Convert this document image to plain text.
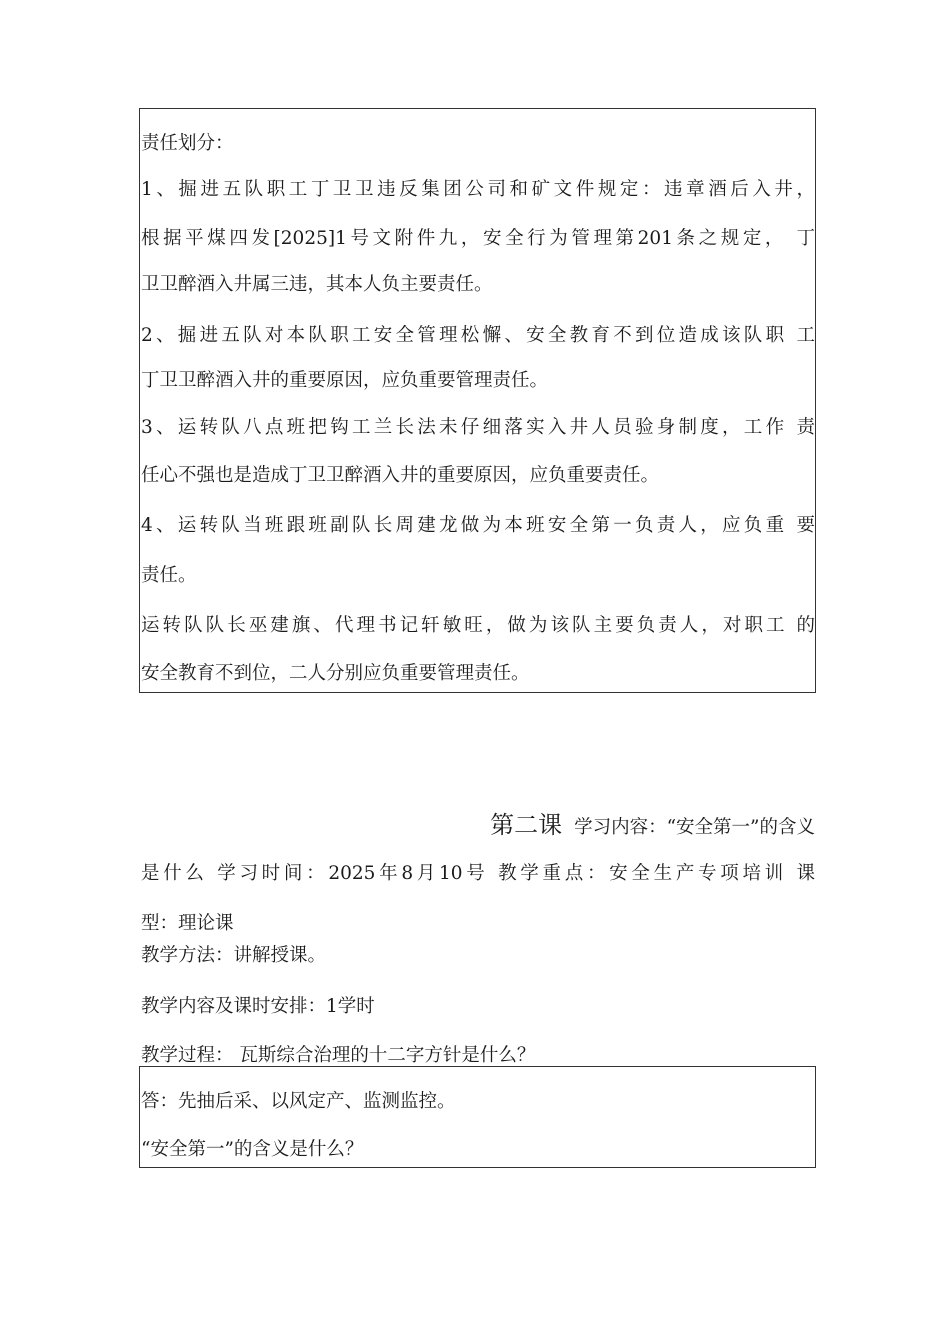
责任划分：
1、掘进五队职工丁卫卫违反集团公司和矿文件规定：违章酒后入井，
根据平煤四发[2025]1号文附件九，安全行为管理第201条之规定， 丁
卫卫醉酒入井属三违，其本人负主要责任。
2、掘进五队对本队职工安全管理松懈、安全教育不到位造成该队职 工
丁卫卫醉酒入井的重要原因，应负重要管理责任。
3、运转队八点班把钩工兰长法未仔细落实入井人员验身制度，工作 责
任心不强也是造成丁卫卫醉酒入井的重要原因，应负重要责任。
4、运转队当班跟班副队长周建龙做为本班安全第一负责人，应负重 要
责任。
运转队队长巫建旗、代理书记轩敏旺，做为该队主要负责人，对职工 的
安全教育不到位，二人分别应负重要管理责任。
第二课 学习内容：“安全第一”的含义
是什么 学习时间：2025年8月10号 教学重点：安全生产专项培训 课
型：理论课
教学方法：讲解授课。
教学内容及课时安排：1学时
教学过程： 瓦斯综合治理的十二字方针是什么？
答：先抽后采、以风定产、监测监控。
“安全第一”的含义是什么？
